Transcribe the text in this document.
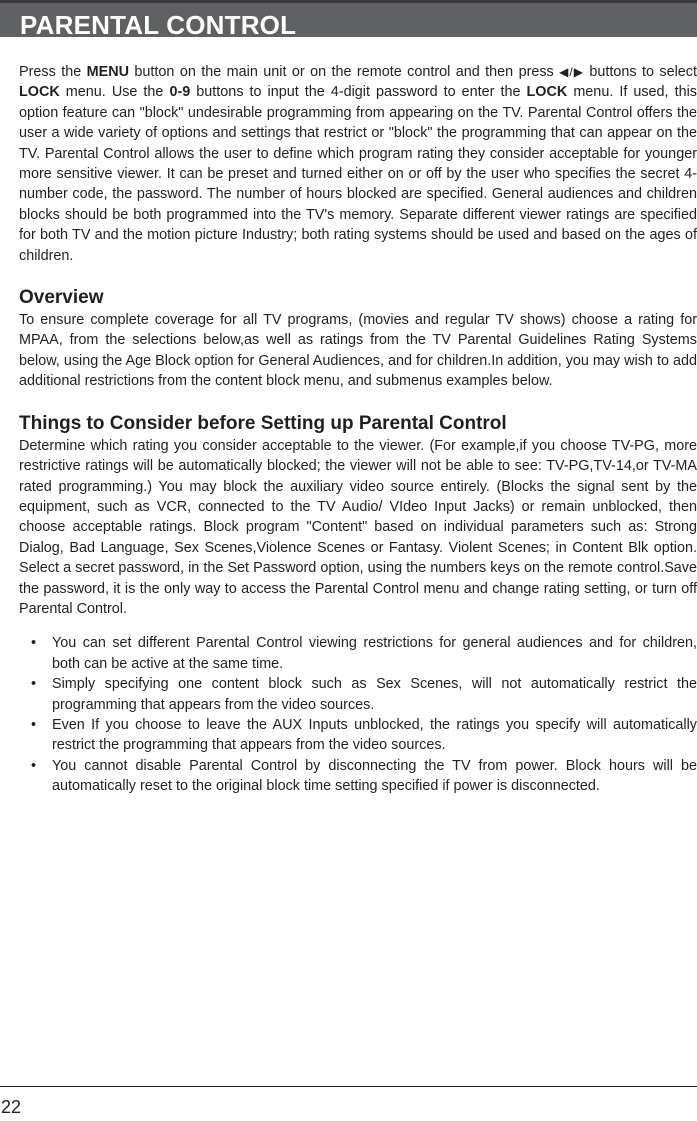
PARENTAL CONTROL

Press the MENU button on the main unit or on the remote control and then press ◀/▶ buttons to select LOCK menu. Use the 0-9 buttons to input the 4-digit password to enter the LOCK menu. If used, this option feature can "block" undesirable programming from appearing on the TV. Parental Control offers the user a wide variety of options and settings that restrict or "block" the programming that can appear on the TV. Parental Control allows the user to define which program rating they consider acceptable for younger more sensitive viewer. It can be preset and turned either on or off by the user who specifies the secret 4-number code, the password. The number of hours blocked are specified. General audiences and children blocks should be both programmed into the TV's memory. Separate different viewer ratings are specified for both TV and the motion picture Industry; both rating systems should be used and based on the ages of children.

Overview

To ensure complete coverage for all TV programs, (movies and regular TV shows) choose a rating for MPAA, from the selections below,as well as ratings from the TV Parental Guidelines Rating Systems below, using the Age Block option for General Audiences, and for children.In addition, you may wish to add additional restrictions from the content block menu, and submenus examples below.

Things to Consider before Setting up Parental Control

Determine which rating you consider acceptable to the viewer. (For example,if you choose TV-PG, more restrictive ratings will be automatically blocked; the viewer will not be able to see: TV-PG,TV-14,or TV-MA rated programming.) You may block the auxiliary video source entirely. (Blocks the signal sent by the equipment, such as VCR, connected to the TV Audio/ VIdeo Input Jacks) or remain unblocked, then choose acceptable ratings. Block program "Content" based on individual parameters such as: Strong Dialog, Bad Language, Sex Scenes,Violence Scenes or Fantasy. Violent Scenes; in Content Blk option. Select a secret password, in the Set Password option, using the numbers keys on the remote control.Save the password, it is the only way to access the Parental Control menu and change rating setting, or turn off Parental Control.

• You can set different Parental Control viewing restrictions for general audiences and for children, both can be active at the same time.
• Simply specifying one content block such as Sex Scenes, will not automatically restrict the programming that appears from the video sources.
• Even If you choose to leave the AUX Inputs unblocked, the ratings you specify will automatically restrict the programming that appears from the video sources.
• You cannot disable Parental Control by disconnecting the TV from power. Block hours will be automatically reset to the original block time setting specified if power is disconnected.
22
